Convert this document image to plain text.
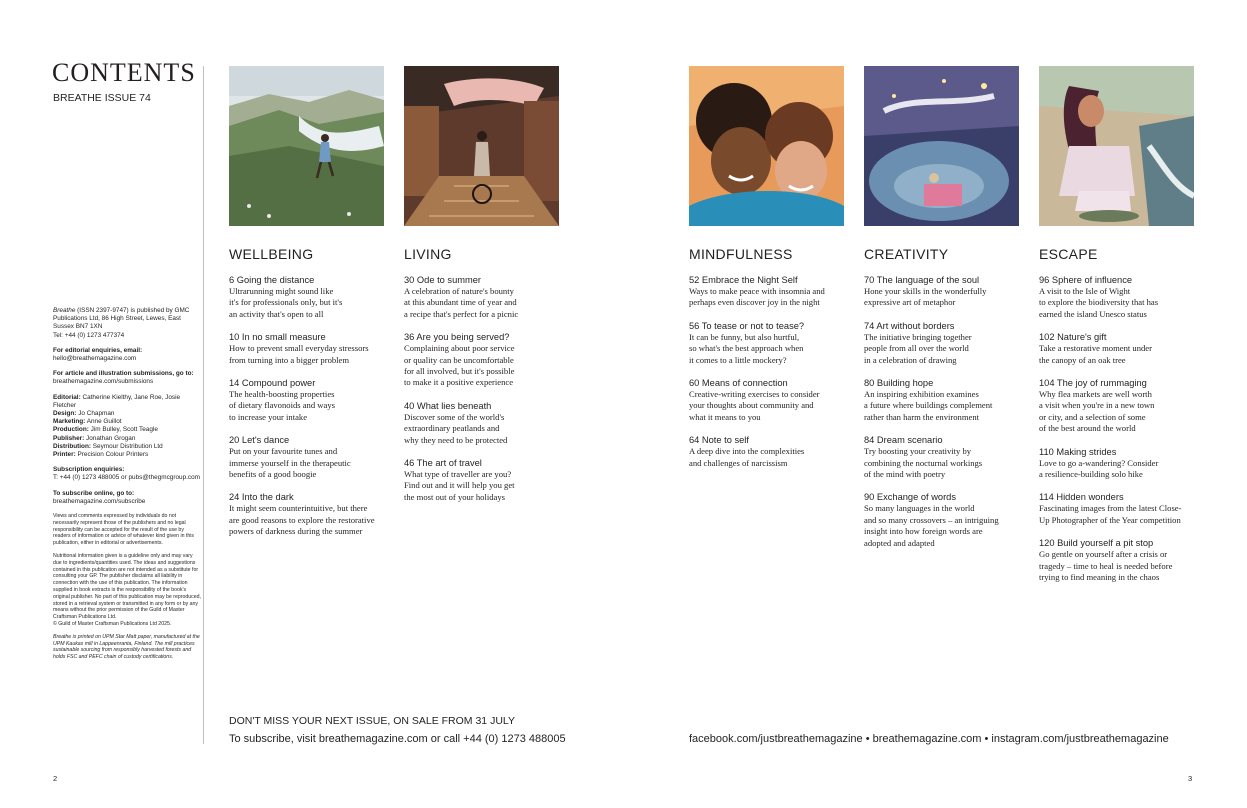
CONTENTS
BREATHE ISSUE 74

Breathe (ISSN 2397-9747) is published by GMC Publications Ltd, 86 High Street, Lewes, East Sussex BN7 1XN
Tel: +44 (0) 1273 477374

For editorial enquiries, email:
hello@breathemagazine.com

For article and illustration submissions, go to:
breathemagazine.com/submissions

Editorial: Catherine Kielthy, Jane Roe, Josie Fletcher
Design: Jo Chapman
Marketing: Anne Guillot
Production: Jim Bulley, Scott Teagle
Publisher: Jonathan Grogan
Distribution: Seymour Distribution Ltd
Printer: Precision Colour Printers

Subscription enquiries:
T: +44 (0) 1273 488005 or pubs@thegmcgroup.com

To subscribe online, go to:
breathemagazine.com/subscribe

Views and comments expressed by individuals do not necessarily represent those of the publishers and no legal responsibility can be accepted for the result of the use by readers of information or advice of whatever kind given in this publication, either in editorial or advertisements.

Nutritional information given is a guideline only and may vary due to ingredients/quantities used. The ideas and suggestions contained in this publication are not intended as a substitute for consulting your GP. The publisher disclaims all liability in connection with the use of this publication. The information supplied in book extracts is the responsibility of the book's original publisher. No part of this publication may be reproduced, stored in a retrieval system or transmitted in any form or by any means without the prior permission of the Guild of Master Craftsman Publications Ltd.
© Guild of Master Craftsman Publications Ltd 2025.

Breathe is printed on UPM Star Matt paper, manufactured at the UPM Kaukas mill in Lappeenranta, Finland. The mill practices sustainable sourcing from responsibly harvested forests and holds FSC and PEFC chain of custody certifications.

WELLBEING
6 Going the distance
Ultrarunning might sound like
it's for professionals only, but it's
an activity that's open to all
10 In no small measure
How to prevent small everyday stressors
from turning into a bigger problem
14 Compound power
The health-boosting properties
of dietary flavonoids and ways
to increase your intake
20 Let's dance
Put on your favourite tunes and
immerse yourself in the therapeutic
benefits of a good boogie
24 Into the dark
It might seem counterintuitive, but there
are good reasons to explore the restorative
powers of darkness during the summer
LIVING
30 Ode to summer
A celebration of nature's bounty
at this abundant time of year and
a recipe that's perfect for a picnic
36 Are you being served?
Complaining about poor service
or quality can be uncomfortable
for all involved, but it's possible
to make it a positive experience
40 What lies beneath
Discover some of the world's
extraordinary peatlands and
why they need to be protected
46 The art of travel
What type of traveller are you?
Find out and it will help you get
the most out of your holidays
MINDFULNESS
52 Embrace the Night Self
Ways to make peace with insomnia and
perhaps even discover joy in the night
56 To tease or not to tease?
It can be funny, but also hurtful,
so what's the best approach when
it comes to a little mockery?
60 Means of connection
Creative-writing exercises to consider
your thoughts about community and
what it means to you
64 Note to self
A deep dive into the complexities
and challenges of narcissism
CREATIVITY
70 The language of the soul
Hone your skills in the wonderfully
expressive art of metaphor
74 Art without borders
The initiative bringing together
people from all over the world
in a celebration of drawing
80 Building hope
An inspiring exhibition examines
a future where buildings complement
rather than harm the environment
84 Dream scenario
Try boosting your creativity by
combining the nocturnal workings
of the mind with poetry
90 Exchange of words
So many languages in the world
and so many crossovers – an intriguing
insight into how foreign words are
adopted and adapted
ESCAPE
96 Sphere of influence
A visit to the Isle of Wight
to explore the biodiversity that has
earned the island Unesco status
102 Nature's gift
Take a restorative moment under
the canopy of an oak tree
104 The joy of rummaging
Why flea markets are well worth
a visit when you're in a new town
or city, and a selection of some
of the best around the world
110 Making strides
Love to go a-wandering? Consider
a resilience-building solo hike
114 Hidden wonders
Fascinating images from the latest Close-
Up Photographer of the Year competition
120 Build yourself a pit stop
Go gentle on yourself after a crisis or
tragedy – time to heal is needed before
trying to find meaning in the chaos
DON'T MISS YOUR NEXT ISSUE, ON SALE FROM 31 JULY
To subscribe, visit breathemagazine.com or call +44 (0) 1273 488005	facebook.com/justbreathemagazine • breathemagazine.com • instagram.com/justbreathemagazine
2	3
